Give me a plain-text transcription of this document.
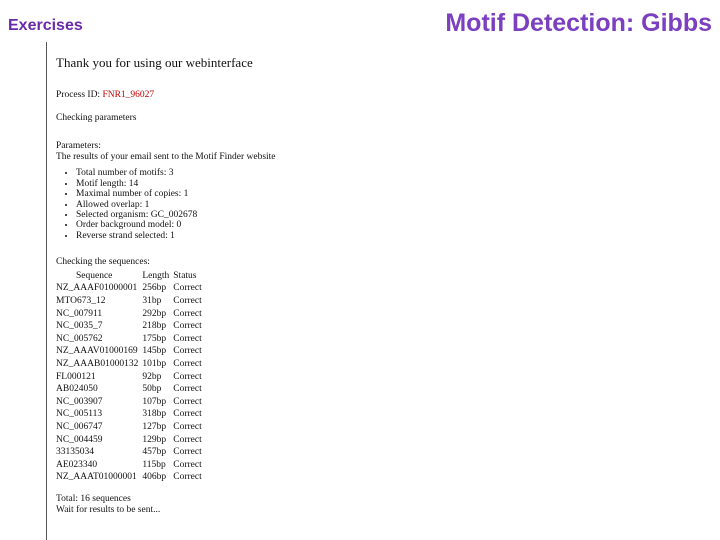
Exercises	Motif Detection: Gibbs
Thank you for using our webinterface

Process ID: FNR1_96027

Checking parameters

Parameters:

The results of your email sent to the Motif Finder website

• Total number of motifs: 3
• Motif length: 14
• Maximal number of copies: 1
• Allowed overlap: 1
• Selected organism: GC_002678
• Order background model: 0
• Reverse strand selected: 1

Checking the sequences:

Sequence	Length	Status
NZ_AAAF01000001	256bp	Correct
MTO673_12	31bp	Correct
NC_007911	292bp	Correct
NC_0035_7	218bp	Correct
NC_005762	175bp	Correct
NZ_AAAV01000169	145bp	Correct
NZ_AAAB01000132	101bp	Correct
FL000121	92bp	Correct
AB024050	50bp	Correct
NC_003907	107bp	Correct
NC_005113	318bp	Correct
NC_006747	127bp	Correct
NC_004459	129bp	Correct
33135034	457bp	Correct
AE023340	115bp	Correct
NZ_AAAT01000001	406bp	Correct

Total: 16 sequences

Wait for results to be sent...
